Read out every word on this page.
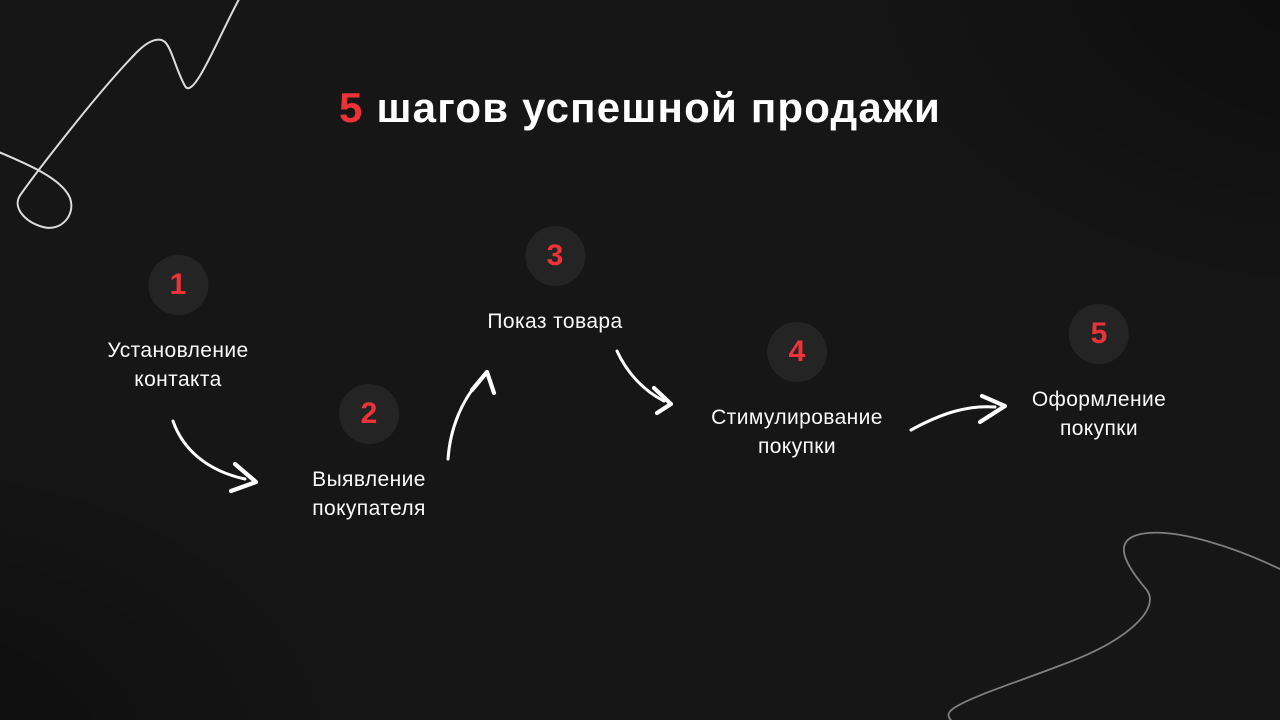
5 шагов успешной продажи
1
Установление
контакта
2
Выявление
покупателя
3
Показ товара
4
Стимулирование
покупки
5
Оформление
покупки
